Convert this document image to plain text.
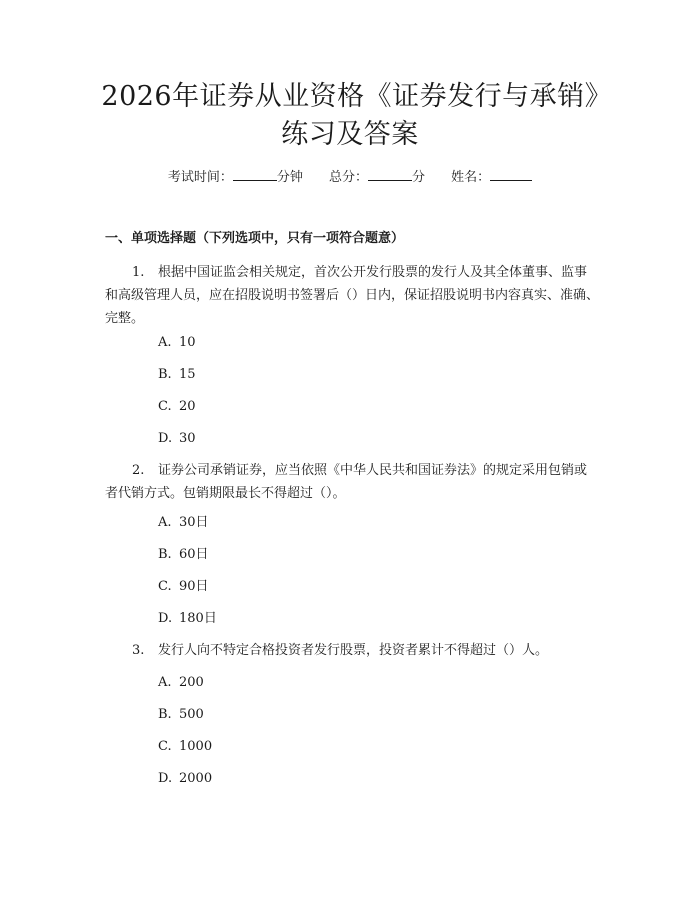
2026年证券从业资格《证券发行与承销》练习及答案
考试时间：	分钟 总分：	分 姓名：
一、单项选择题（下列选项中，只有一项符合题意）
1. 根据中国证监会相关规定，首次公开发行股票的发行人及其全体董事、监事和高级管理人员，应在招股说明书签署后（）日内，保证招股说明书内容真实、准确、完整。
A. 10
B. 15
C. 20
D. 30
2. 证券公司承销证券，应当依照《中华人民共和国证券法》的规定采用包销或者代销方式。包销期限最长不得超过（）。
A. 30日
B. 60日
C. 90日
D. 180日
3. 发行人向不特定合格投资者发行股票，投资者累计不得超过（）人。
A. 200
B. 500
C. 1000
D. 2000
